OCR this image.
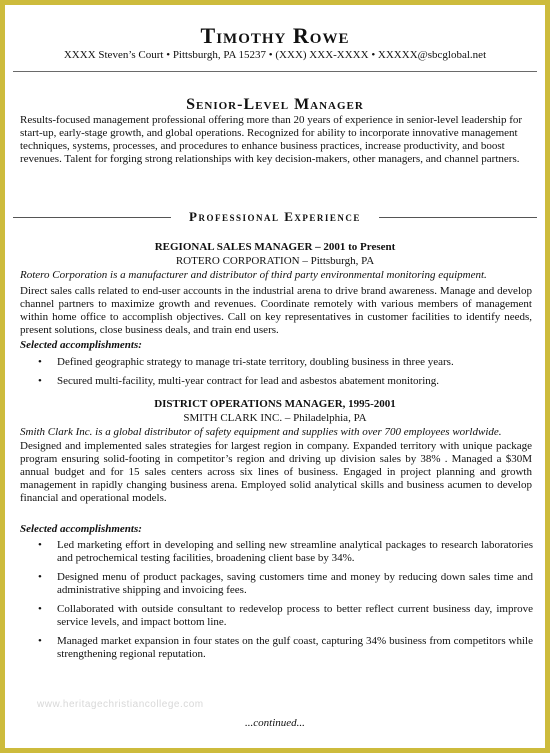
Timothy Rowe
XXXX Steven’s Court • Pittsburgh, PA 15237 • (XXX) XXX-XXXX • XXXXX@sbcglobal.net
Senior-Level Manager

Results-focused management professional offering more than 20 years of experience in senior-level leadership for start-up, early-stage growth, and global operations. Recognized for ability to incorporate innovative management techniques, systems, processes, and procedures to enhance business practices, increase productivity, and boost revenues. Talent for forging strong relationships with key decision-makers, other managers, and channel partners.

Professional Experience
REGIONAL SALES MANAGER – 2001 to Present
ROTERO CORPORATION – Pittsburgh, PA

Rotero Corporation is a manufacturer and distributor of third party environmental monitoring equipment.

Direct sales calls related to end-user accounts in the industrial arena to drive brand awareness. Manage and develop channel partners to maximize growth and revenues. Coordinate remotely with various members of management within home office to accomplish objectives. Call on key representatives in customer facilities to identify needs, present solutions, close business deals, and train end users.

Selected accomplishments:
• Defined geographic strategy to manage tri-state territory, doubling business in three years.
• Secured multi-facility, multi-year contract for lead and asbestos abatement monitoring.
DISTRICT OPERATIONS MANAGER, 1995-2001
SMITH CLARK INC. – Philadelphia, PA

Smith Clark Inc. is a global distributor of safety equipment and supplies with over 700 employees worldwide.

Designed and implemented sales strategies for largest region in company. Expanded territory with unique package program ensuring solid-footing in competitor’s region and driving up division sales by 38% . Managed a $30M annual budget and for 15 sales centers across six lines of business. Engaged in project planning and growth management in rapidly changing business arena. Employed solid analytical skills and business acumen to develop financial and operational models.

Selected accomplishments:
• Led marketing effort in developing and selling new streamline analytical packages to research laboratories and petrochemical testing facilities, broadening client base by 34%.
• Designed menu of product packages, saving customers time and money by reducing down sales time and administrative shipping and invoicing fees.
• Collaborated with outside consultant to redevelop process to better reflect current business day, improve service levels, and impact bottom line.
• Managed market expansion in four states on the gulf coast, capturing 34% business from competitors while strengthening regional reputation.
www.heritagechristiancollege.com
...continued...
